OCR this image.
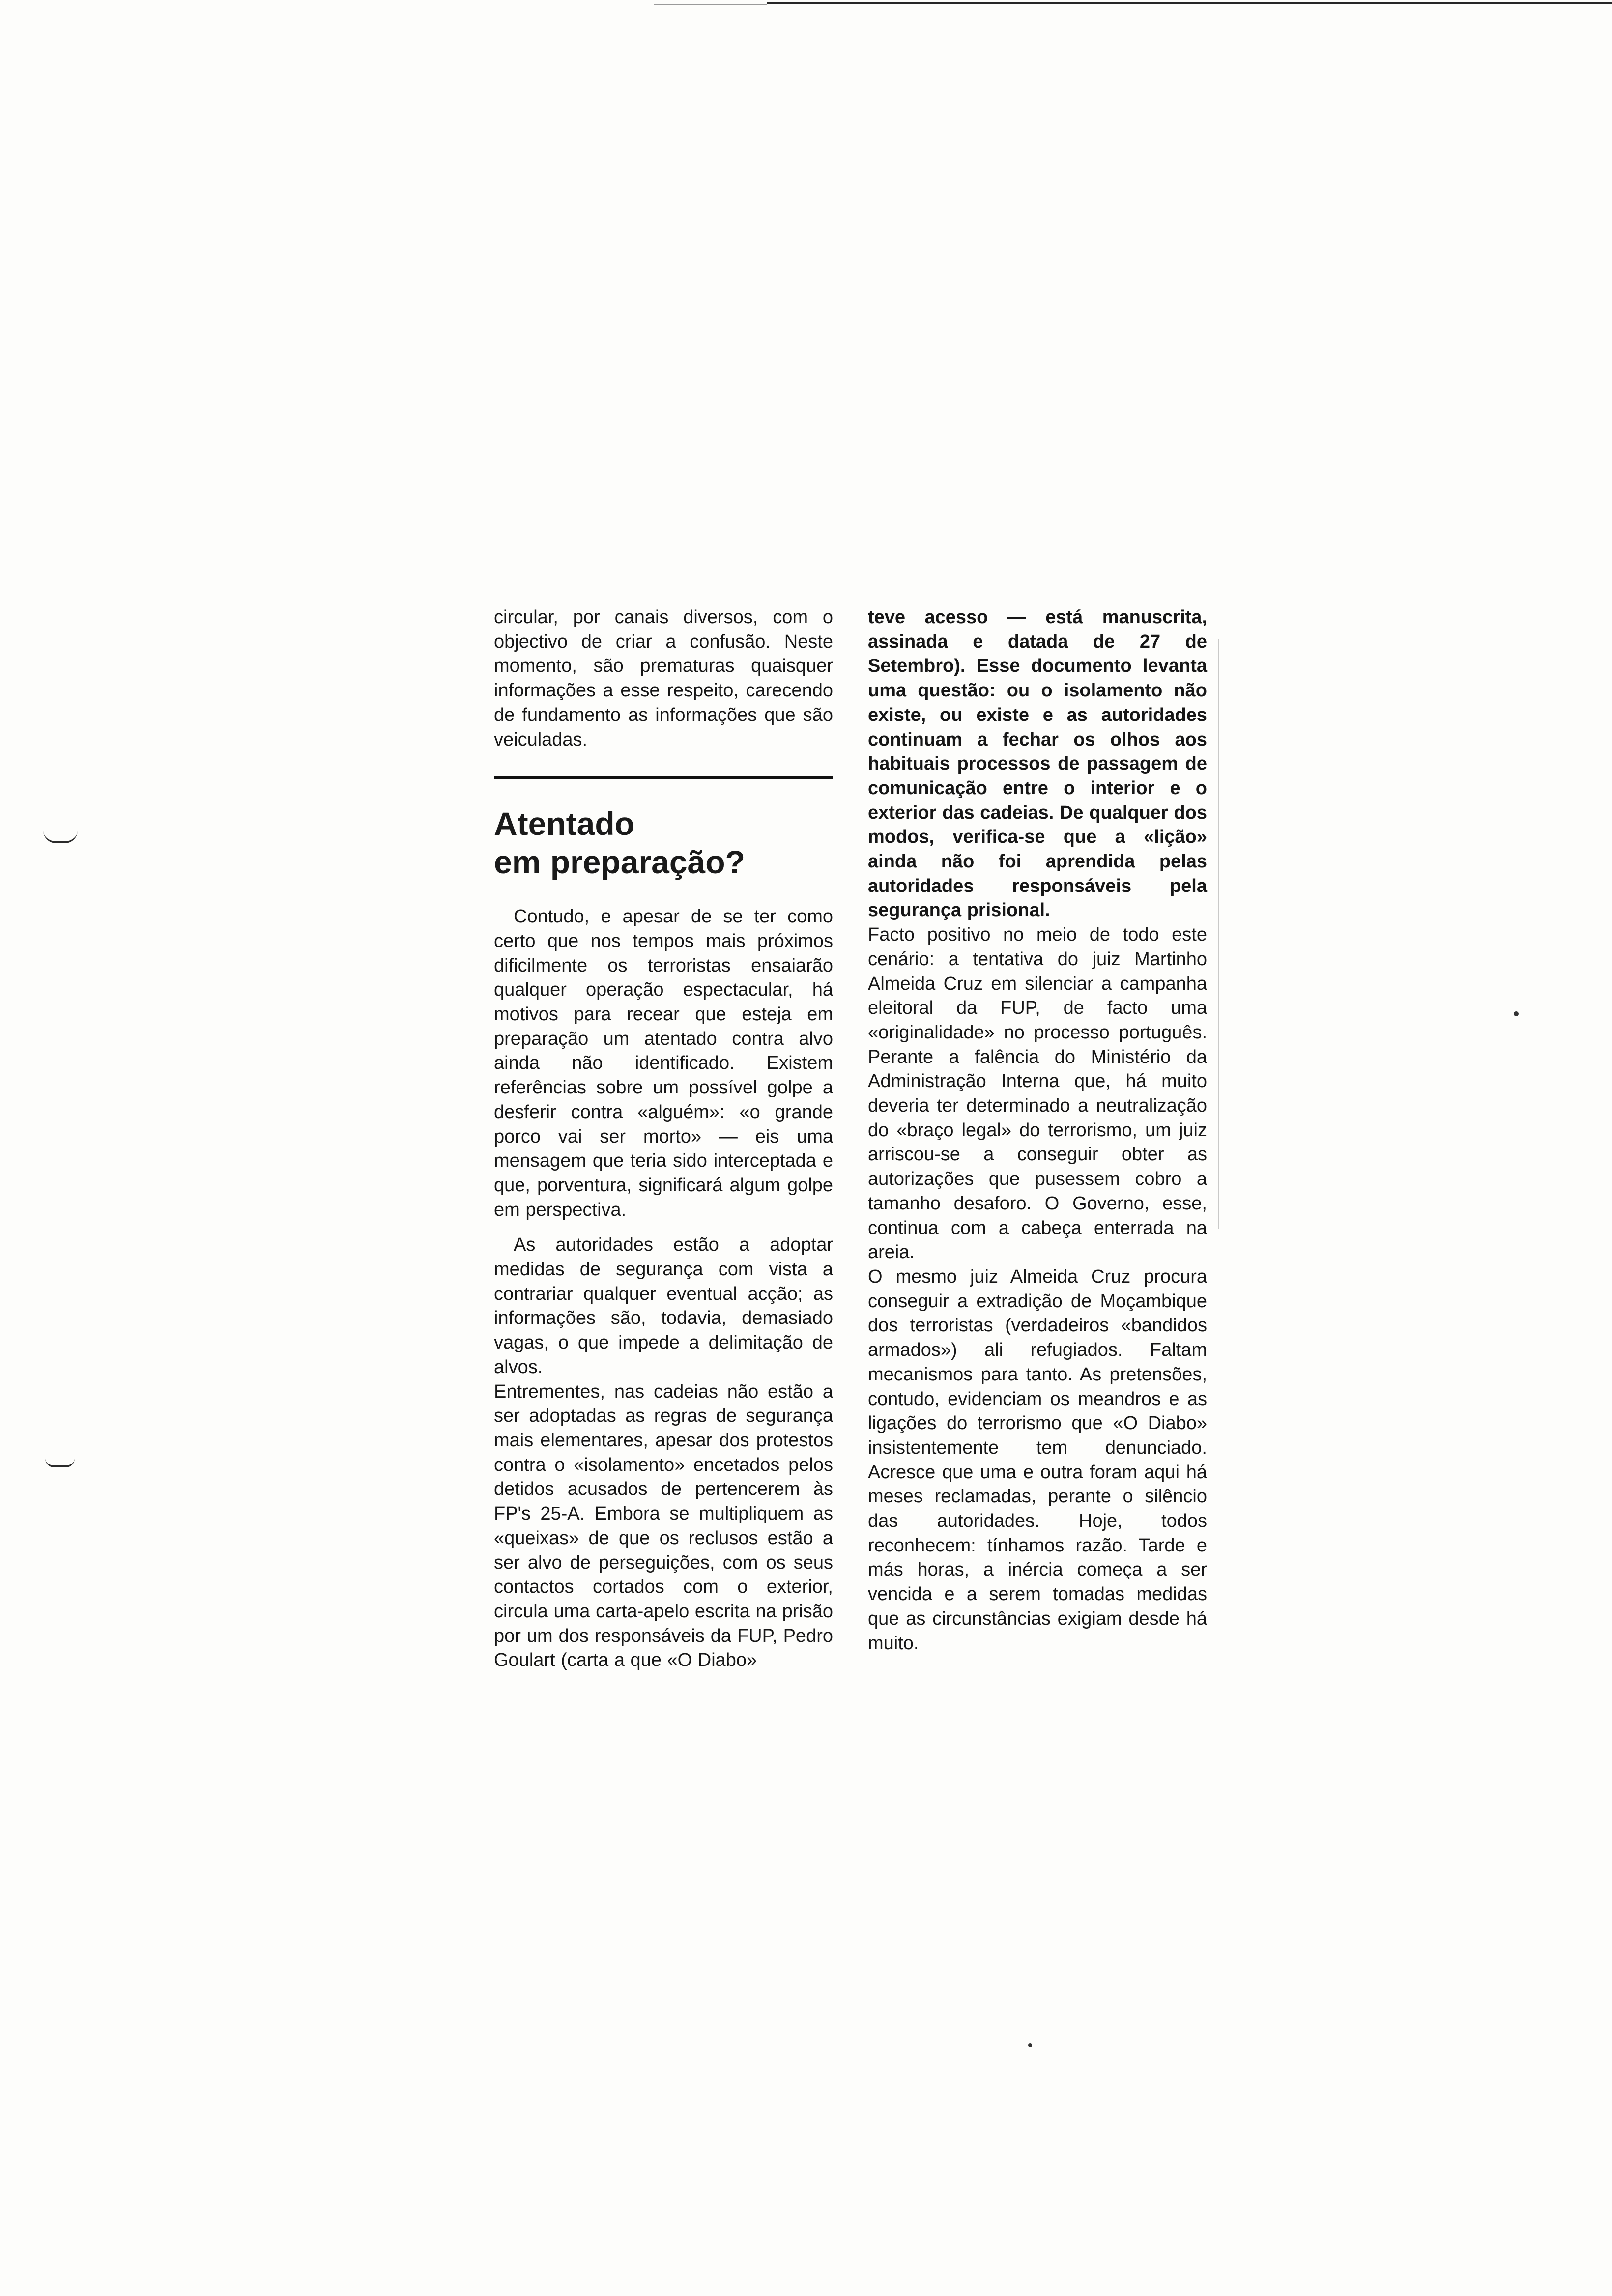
circular, por canais diversos, com o objectivo de criar a confusão. Neste momento, são prematuras quaisquer informações a esse respeito, carecendo de fundamento as informações que são veiculadas.

Atentado
em preparação?

Contudo, e apesar de se ter como certo que nos tempos mais próximos dificilmente os terroristas ensaiarão qualquer operação espectacular, há motivos para recear que esteja em preparação um atentado contra alvo ainda não identificado. Existem referências sobre um possível golpe a desferir contra «alguém»: «o grande porco vai ser morto» — eis uma mensagem que teria sido interceptada e que, porventura, significará algum golpe em perspectiva.

As autoridades estão a adoptar medidas de segurança com vista a contrariar qualquer eventual acção; as informações são, todavia, demasiado vagas, o que impede a delimitação de alvos.

Entrementes, nas cadeias não estão a ser adoptadas as regras de segurança mais elementares, apesar dos protestos contra o «isolamento» encetados pelos detidos acusados de pertencerem às FP's 25-A. Embora se multipliquem as «queixas» de que os reclusos estão a ser alvo de perseguições, com os seus contactos cortados com o exterior, circula uma carta-apelo escrita na prisão por um dos responsáveis da FUP, Pedro Goulart (carta a que «O Diabo»

teve acesso — está manuscrita, assinada e datada de 27 de Setembro). Esse documento levanta uma questão: ou o isolamento não existe, ou existe e as autoridades continuam a fechar os olhos aos habituais processos de passagem de comunicação entre o interior e o exterior das cadeias. De qualquer dos modos, verifica-se que a «lição» ainda não foi aprendida pelas autoridades responsáveis pela segurança prisional.

Facto positivo no meio de todo este cenário: a tentativa do juiz Martinho Almeida Cruz em silenciar a campanha eleitoral da FUP, de facto uma «originalidade» no processo português. Perante a falência do Ministério da Administração Interna que, há muito deveria ter determinado a neutralização do «braço legal» do terrorismo, um juiz arriscou-se a conseguir obter as autorizações que pusessem cobro a tamanho desaforo. O Governo, esse, continua com a cabeça enterrada na areia.

O mesmo juiz Almeida Cruz procura conseguir a extradição de Moçambique dos terroristas (verdadeiros «bandidos armados») ali refugiados. Faltam mecanismos para tanto. As pretensões, contudo, evidenciam os meandros e as ligações do terrorismo que «O Diabo» insistentemente tem denunciado. Acresce que uma e outra foram aqui há meses reclamadas, perante o silêncio das autoridades. Hoje, todos reconhecem: tínhamos razão. Tarde e más horas, a inércia começa a ser vencida e a serem tomadas medidas que as circunstâncias exigiam desde há muito.
